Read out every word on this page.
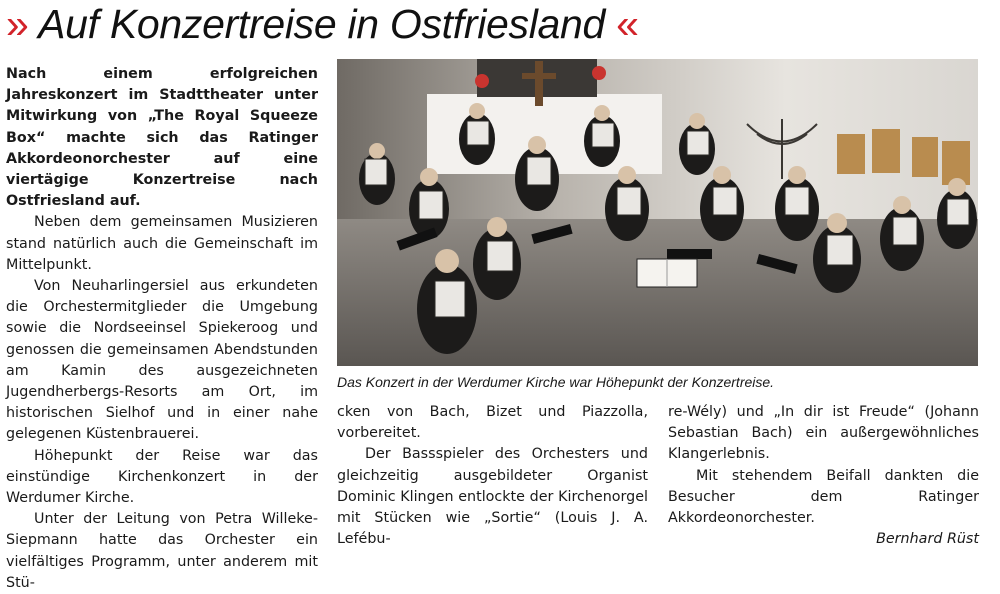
» Auf Konzertreise in Ostfriesland «

Nach einem erfolgreichen Jahreskonzert im Stadttheater unter Mitwirkung von „The Royal Squeeze Box“ machte sich das Ratinger Akkordeonorchester auf eine viertägige Konzertreise nach Ostfriesland auf.

Neben dem gemeinsamen Musizieren stand natürlich auch die Gemeinschaft im Mittelpunkt.

Von Neuharlingersiel aus erkundeten die Orchestermitglieder die Umgebung sowie die Nordseeinsel Spiekeroog und genossen die gemeinsamen Abendstunden am Kamin des ausgezeichneten Jugendherbergs-Resorts am Ort, im historischen Sielhof und in einer nahe gelegenen Küstenbrauerei.

Höhepunkt der Reise war das einstündige Kirchenkonzert in der Werdumer Kirche.

Unter der Leitung von Petra Willeke-Siepmann hatte das Orchester ein vielfältiges Programm, unter anderem mit Stü-

Das Konzert in der Werdumer Kirche war Höhepunkt der Konzertreise.

cken von Bach, Bizet und Piazzolla, vorbereitet.

Der Bassspieler des Orchesters und gleichzeitig ausgebildeter Organist Dominic Klingen entlockte der Kirchenorgel mit Stücken wie „Sortie“ (Louis J. A. Lefébu-

re-Wély) und „In dir ist Freude“ (Johann Sebastian Bach) ein außergewöhnliches Klangerlebnis.

Mit stehendem Beifall dankten die Besucher dem Ratinger Akkordeonorchester.

Bernhard Rüst
